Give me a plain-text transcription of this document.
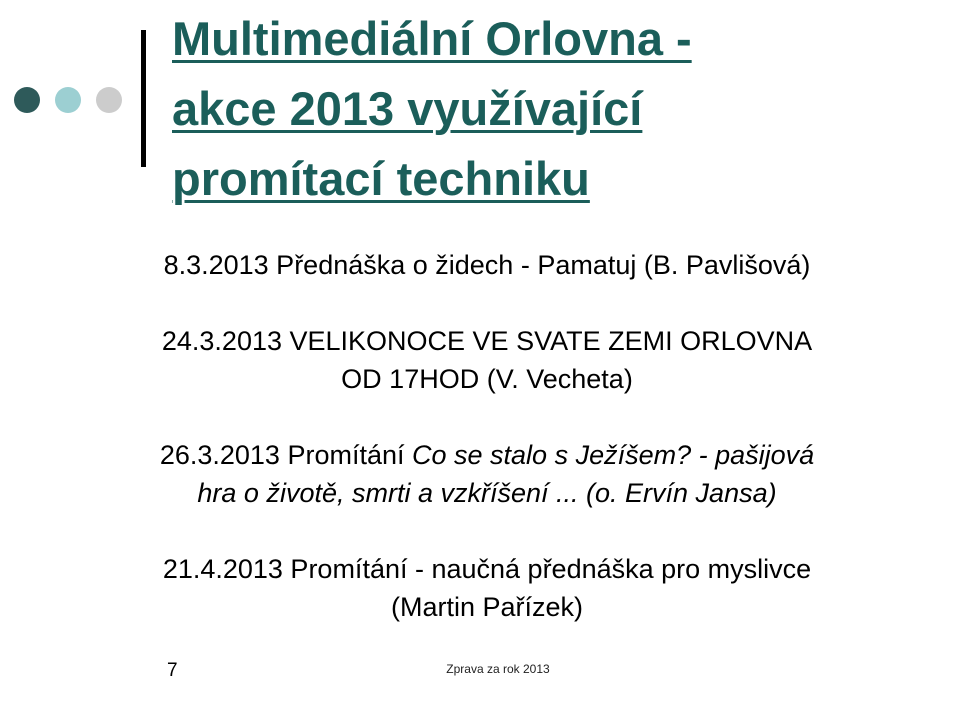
Multimediální Orlovna -
akce 2013 využívající
promítací techniku

8.3.2013 Přednáška o židech - Pamatuj (B. Pavlišová)

24.3.2013 VELIKONOCE VE SVATE ZEMI ORLOVNA
OD 17HOD (V. Vecheta)

26.3.2013 Promítání Co se stalo s Ježíšem? - pašijová
hra o životě, smrti a vzkříšení ... (o. Ervín Jansa)

21.4.2013 Promítání - naučná přednáška pro myslivce
(Martin Pařízek)

7	Zprava za rok 2013
